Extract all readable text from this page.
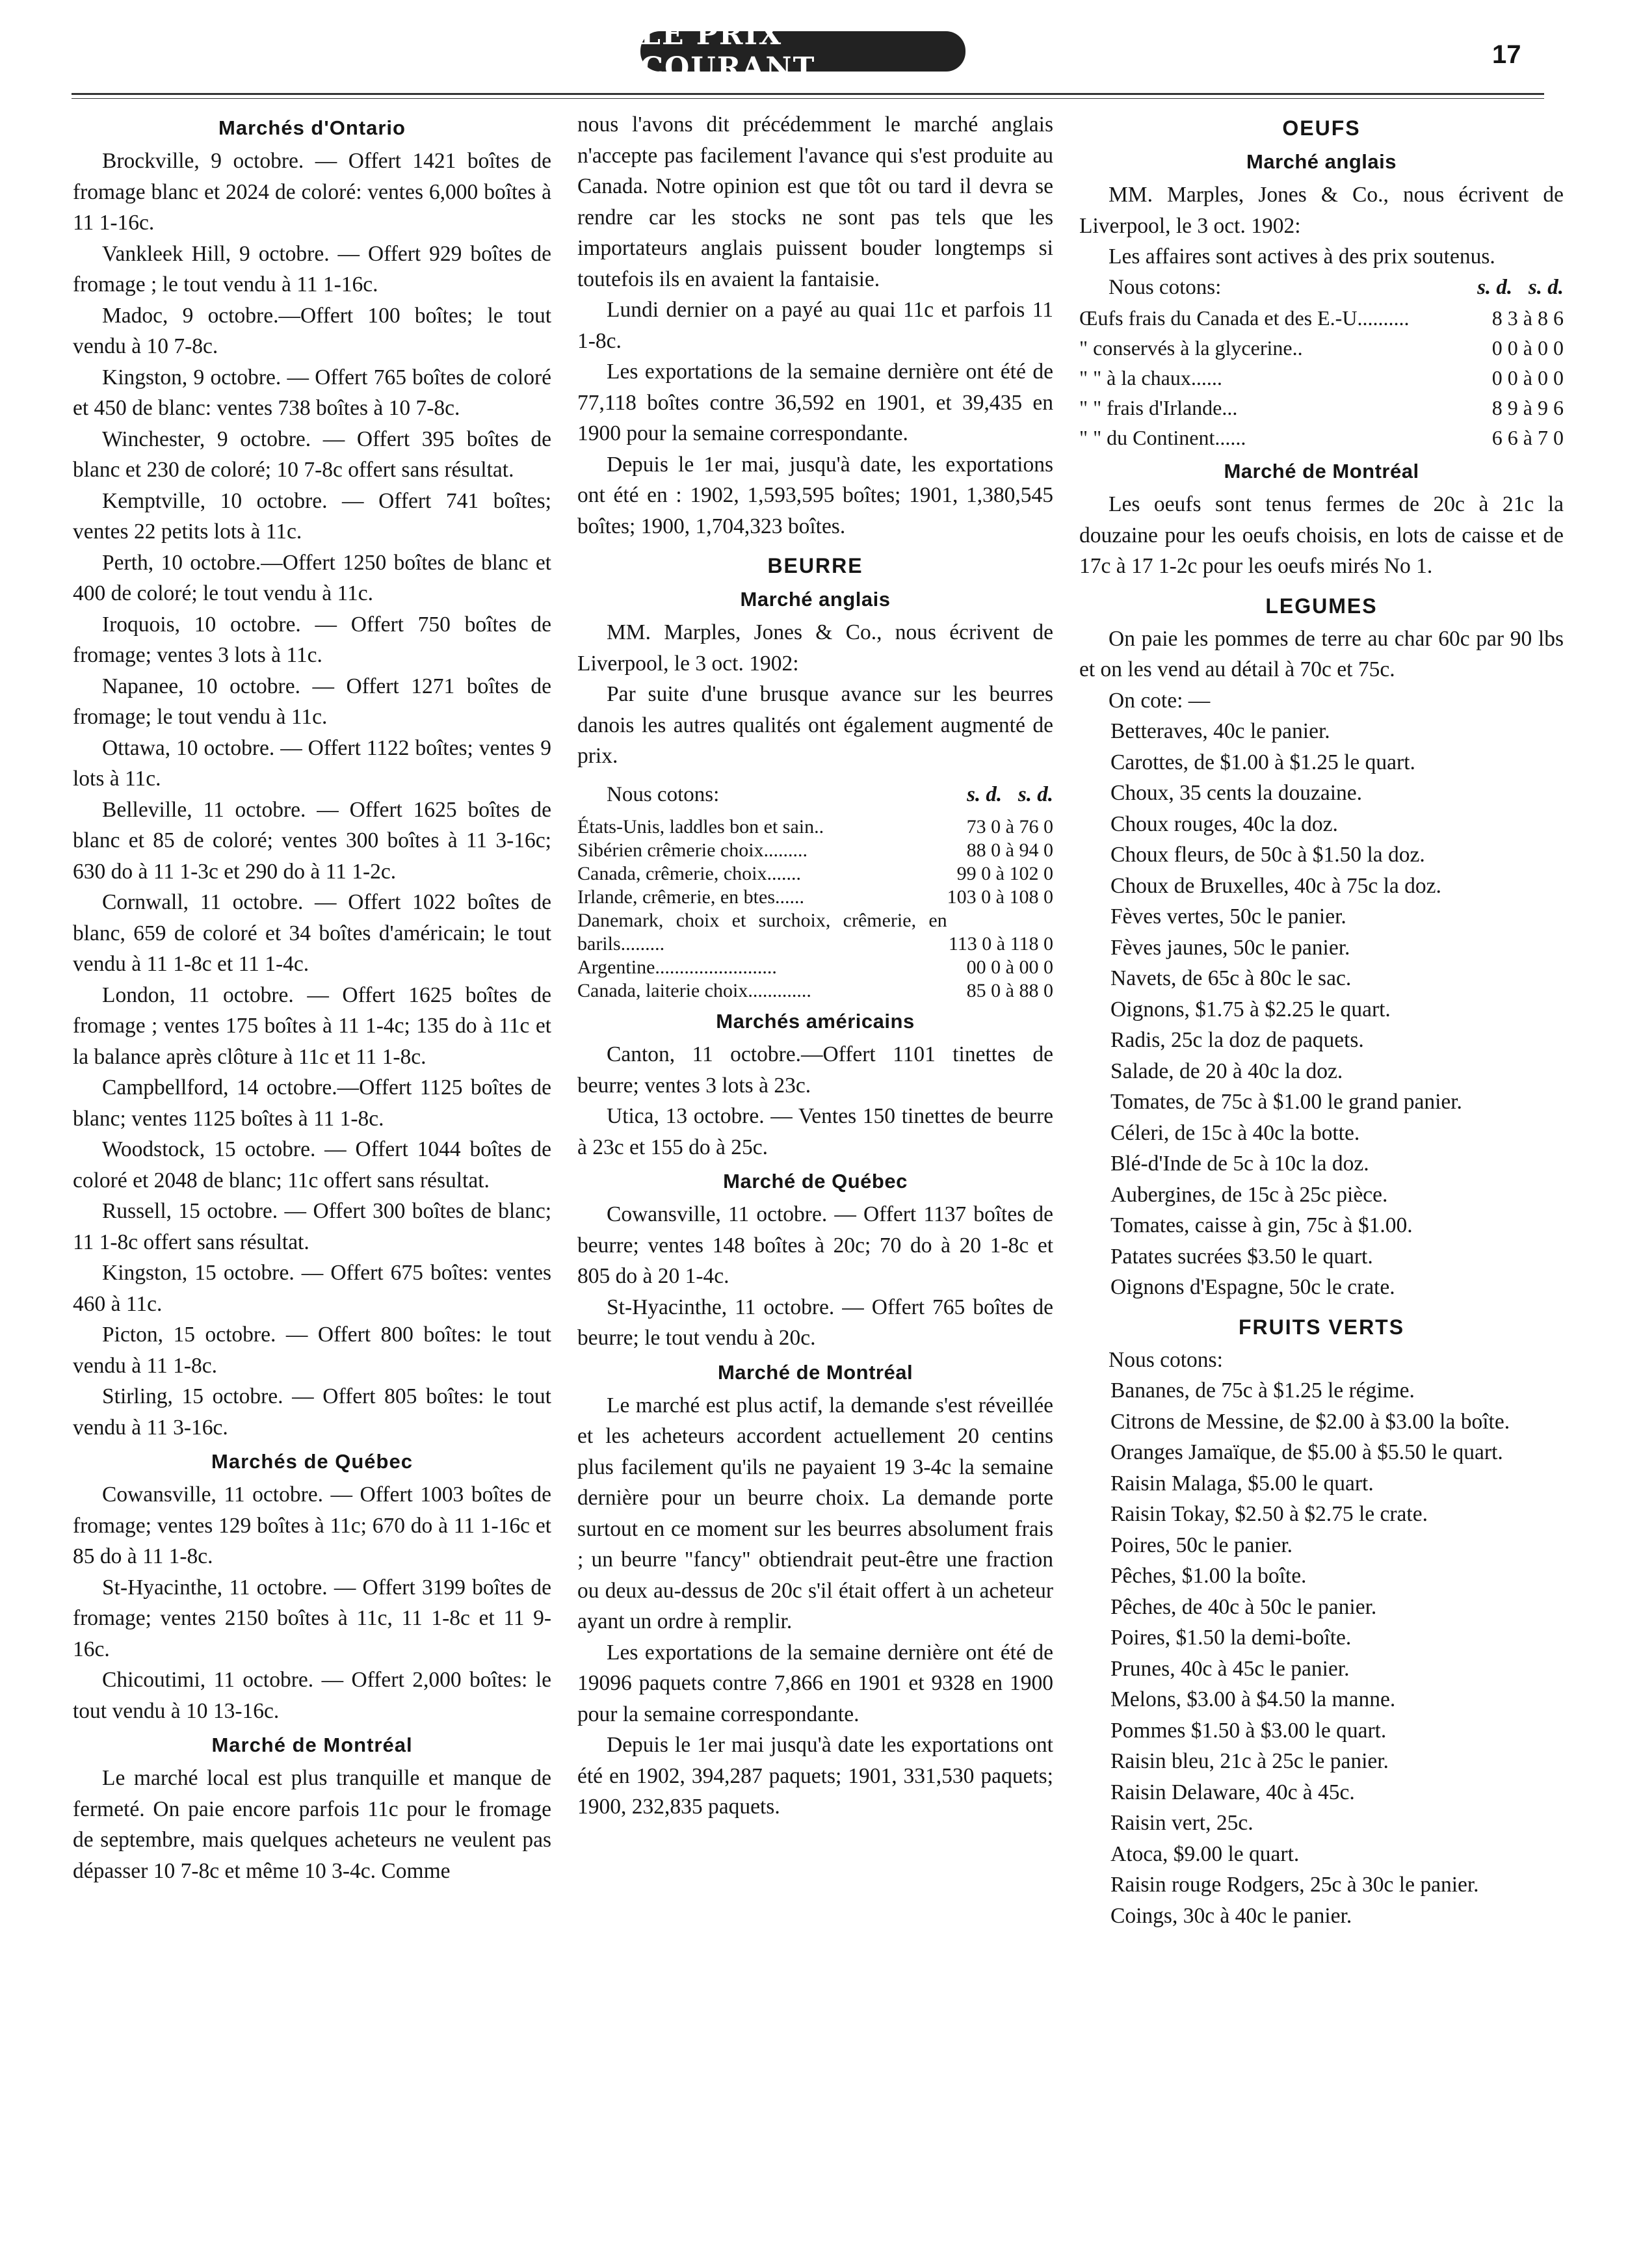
LE PRIX COURANT	17
Marchés d'Ontario

Brockville, 9 octobre. — Offert 1421 boîtes de fromage blanc et 2024 de coloré: ventes 6,000 boîtes à 11 1-16c.

Vankleek Hill, 9 octobre. — Offert 929 boîtes de fromage ; le tout vendu à 11 1-16c.

Madoc, 9 octobre.—Offert 100 boîtes; le tout vendu à 10 7-8c.

Kingston, 9 octobre. — Offert 765 boîtes de coloré et 450 de blanc: ventes 738 boîtes à 10 7-8c.

Winchester, 9 octobre. — Offert 395 boîtes de blanc et 230 de coloré; 10 7-8c offert sans résultat.

Kemptville, 10 octobre. — Offert 741 boîtes; ventes 22 petits lots à 11c.

Perth, 10 octobre.—Offert 1250 boîtes de blanc et 400 de coloré; le tout vendu à 11c.

Iroquois, 10 octobre. — Offert 750 boîtes de fromage; ventes 3 lots à 11c.

Napanee, 10 octobre. — Offert 1271 boîtes de fromage; le tout vendu à 11c.

Ottawa, 10 octobre. — Offert 1122 boîtes; ventes 9 lots à 11c.

Belleville, 11 octobre. — Offert 1625 boîtes de blanc et 85 de coloré; ventes 300 boîtes à 11 3-16c; 630 do à 11 1-3c et 290 do à 11 1-2c.

Cornwall, 11 octobre. — Offert 1022 boîtes de blanc, 659 de coloré et 34 boîtes d'américain; le tout vendu à 11 1-8c et 11 1-4c.

London, 11 octobre. — Offert 1625 boîtes de fromage ; ventes 175 boîtes à 11 1-4c; 135 do à 11c et la balance après clôture à 11c et 11 1-8c.

Campbellford, 14 octobre.—Offert 1125 boîtes de blanc; ventes 1125 boîtes à 11 1-8c.

Woodstock, 15 octobre. — Offert 1044 boîtes de coloré et 2048 de blanc; 11c offert sans résultat.

Russell, 15 octobre. — Offert 300 boîtes de blanc; 11 1-8c offert sans résultat.

Kingston, 15 octobre. — Offert 675 boîtes: ventes 460 à 11c.

Picton, 15 octobre. — Offert 800 boîtes: le tout vendu à 11 1-8c.

Stirling, 15 octobre. — Offert 805 boîtes: le tout vendu à 11 3-16c.

Marchés de Québec

Cowansville, 11 octobre. — Offert 1003 boîtes de fromage; ventes 129 boîtes à 11c; 670 do à 11 1-16c et 85 do à 11 1-8c.

St-Hyacinthe, 11 octobre. — Offert 3199 boîtes de fromage; ventes 2150 boîtes à 11c, 11 1-8c et 11 9-16c.

Chicoutimi, 11 octobre. — Offert 2,000 boîtes: le tout vendu à 10 13-16c.

Marché de Montréal

Le marché local est plus tranquille et manque de fermeté. On paie encore parfois 11c pour le fromage de septembre, mais quelques acheteurs ne veulent pas dépasser 10 7-8c et même 10 3-4c. Comme

nous l'avons dit précédemment le marché anglais n'accepte pas facilement l'avance qui s'est produite au Canada. Notre opinion est que tôt ou tard il devra se rendre car les stocks ne sont pas tels que les importateurs anglais puissent bouder longtemps si toutefois ils en avaient la fantaisie.

Lundi dernier on a payé au quai 11c et parfois 11 1-8c.

Les exportations de la semaine dernière ont été de 77,118 boîtes contre 36,592 en 1901, et 39,435 en 1900 pour la semaine correspondante.

Depuis le 1er mai, jusqu'à date, les exportations ont été en : 1902, 1,593,595 boîtes; 1901, 1,380,545 boîtes; 1900, 1,704,323 boîtes.

BEURRE
Marché anglais

MM. Marples, Jones & Co., nous écrivent de Liverpool, le 3 oct. 1902:

Par suite d'une brusque avance sur les beurres danois les autres qualités ont également augmenté de prix.

Nous cotons:	s. d. s. d.
États-Unis, laddles bon et sain..	73 0 à 76 0
Sibérien crêmerie choix.........	88 0 à 94 0
Canada, crêmerie, choix.......	99 0 à 102 0
Irlande, crêmerie, en btes......	103 0 à 108 0
Danemark, choix et surchoix, crêmerie, en barils.........	113 0 à 118 0
Argentine.........................	00 0 à 00 0
Canada, laiterie choix.............	85 0 à 88 0
Marchés américains

Canton, 11 octobre.—Offert 1101 tinettes de beurre; ventes 3 lots à 23c.

Utica, 13 octobre. — Ventes 150 tinettes de beurre à 23c et 155 do à 25c.

Marché de Québec

Cowansville, 11 octobre. — Offert 1137 boîtes de beurre; ventes 148 boîtes à 20c; 70 do à 20 1-8c et 805 do à 20 1-4c.

St-Hyacinthe, 11 octobre. — Offert 765 boîtes de beurre; le tout vendu à 20c.

Marché de Montréal

Le marché est plus actif, la demande s'est réveillée et les acheteurs accordent actuellement 20 centins plus facilement qu'ils ne payaient 19 3-4c la semaine dernière pour un beurre choix. La demande porte surtout en ce moment sur les beurres absolument frais ; un beurre "fancy" obtiendrait peut-être une fraction ou deux au-dessus de 20c s'il était offert à un acheteur ayant un ordre à remplir.

Les exportations de la semaine dernière ont été de 19096 paquets contre 7,866 en 1901 et 9328 en 1900 pour la semaine correspondante.

Depuis le 1er mai jusqu'à date les exportations ont été en 1902, 394,287 paquets; 1901, 331,530 paquets; 1900, 232,835 paquets.

OEUFS
Marché anglais

MM. Marples, Jones & Co., nous écrivent de Liverpool, le 3 oct. 1902:

Les affaires sont actives à des prix soutenus.

Nous cotons:	s. d. s. d.
Œufs frais du Canada et des E.-U..........	8 3 à 8 6
" conservés à la glycerine..	0 0 à 0 0
" " à la chaux......	0 0 à 0 0
" " frais d'Irlande...	8 9 à 9 6
" " du Continent......	6 6 à 7 0
Marché de Montréal

Les oeufs sont tenus fermes de 20c à 21c la douzaine pour les oeufs choisis, en lots de caisse et de 17c à 17 1-2c pour les oeufs mirés No 1.

LEGUMES

On paie les pommes de terre au char 60c par 90 lbs et on les vend au détail à 70c et 75c.

On cote: —

Betteraves, 40c le panier.

Carottes, de $1.00 à $1.25 le quart.

Choux, 35 cents la douzaine.

Choux rouges, 40c la doz.

Choux fleurs, de 50c à $1.50 la doz.

Choux de Bruxelles, 40c à 75c la doz.

Fèves vertes, 50c le panier.

Fèves jaunes, 50c le panier.

Navets, de 65c à 80c le sac.

Oignons, $1.75 à $2.25 le quart.

Radis, 25c la doz de paquets.

Salade, de 20 à 40c la doz.

Tomates, de 75c à $1.00 le grand panier.

Céleri, de 15c à 40c la botte.

Blé-d'Inde de 5c à 10c la doz.

Aubergines, de 15c à 25c pièce.

Tomates, caisse à gin, 75c à $1.00.

Patates sucrées $3.50 le quart.

Oignons d'Espagne, 50c le crate.

FRUITS VERTS

Nous cotons:

Bananes, de 75c à $1.25 le régime.

Citrons de Messine, de $2.00 à $3.00 la boîte.

Oranges Jamaïque, de $5.00 à $5.50 le quart.

Raisin Malaga, $5.00 le quart.

Raisin Tokay, $2.50 à $2.75 le crate.

Poires, 50c le panier.

Pêches, $1.00 la boîte.

Pêches, de 40c à 50c le panier.

Poires, $1.50 la demi-boîte.

Prunes, 40c à 45c le panier.

Melons, $3.00 à $4.50 la manne.

Pommes $1.50 à $3.00 le quart.

Raisin bleu, 21c à 25c le panier.

Raisin Delaware, 40c à 45c.

Raisin vert, 25c.

Atoca, $9.00 le quart.

Raisin rouge Rodgers, 25c à 30c le panier.

Coings, 30c à 40c le panier.
